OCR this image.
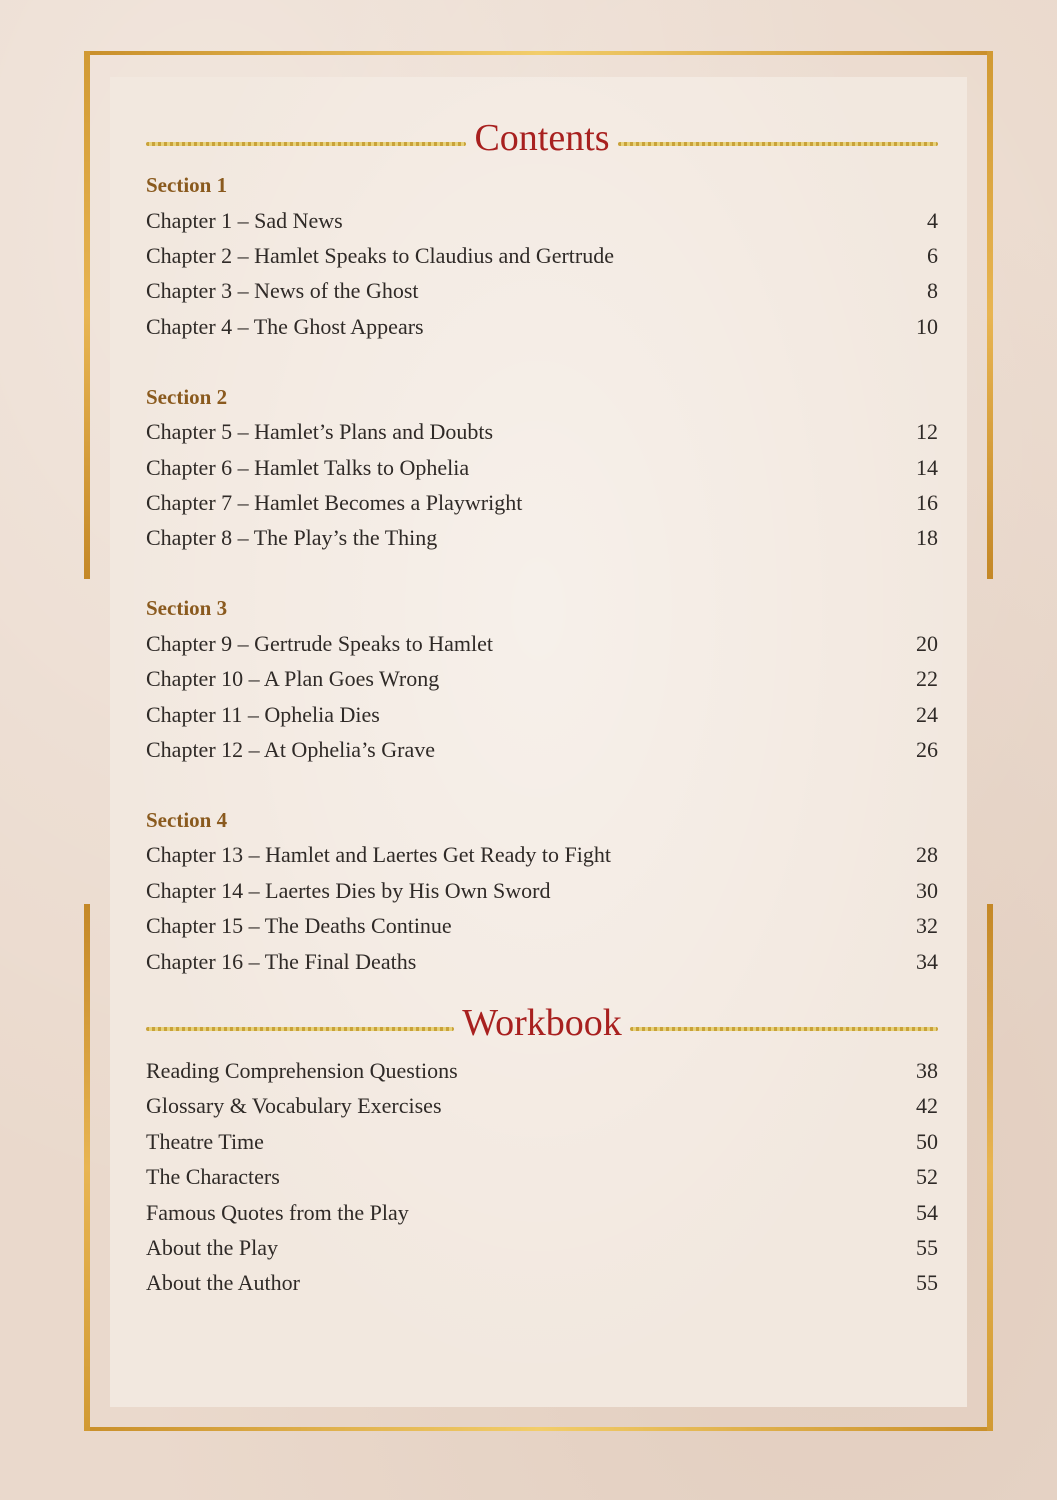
Contents
Section 1
Chapter 1 – Sad News	4
Chapter 2 – Hamlet Speaks to Claudius and Gertrude	6
Chapter 3 – News of the Ghost	8
Chapter 4 – The Ghost Appears	10
Section 2
Chapter 5 – Hamlet’s Plans and Doubts	12
Chapter 6 – Hamlet Talks to Ophelia	14
Chapter 7 – Hamlet Becomes a Playwright	16
Chapter 8 – The Play’s the Thing	18
Section 3
Chapter 9 – Gertrude Speaks to Hamlet	20
Chapter 10 – A Plan Goes Wrong	22
Chapter 11 – Ophelia Dies	24
Chapter 12 – At Ophelia’s Grave	26
Section 4
Chapter 13 – Hamlet and Laertes Get Ready to Fight	28
Chapter 14 – Laertes Dies by His Own Sword	30
Chapter 15 – The Deaths Continue	32
Chapter 16 – The Final Deaths	34
Workbook
Reading Comprehension Questions	38
Glossary & Vocabulary Exercises	42
Theatre Time	50
The Characters	52
Famous Quotes from the Play	54
About the Play	55
About the Author	55
